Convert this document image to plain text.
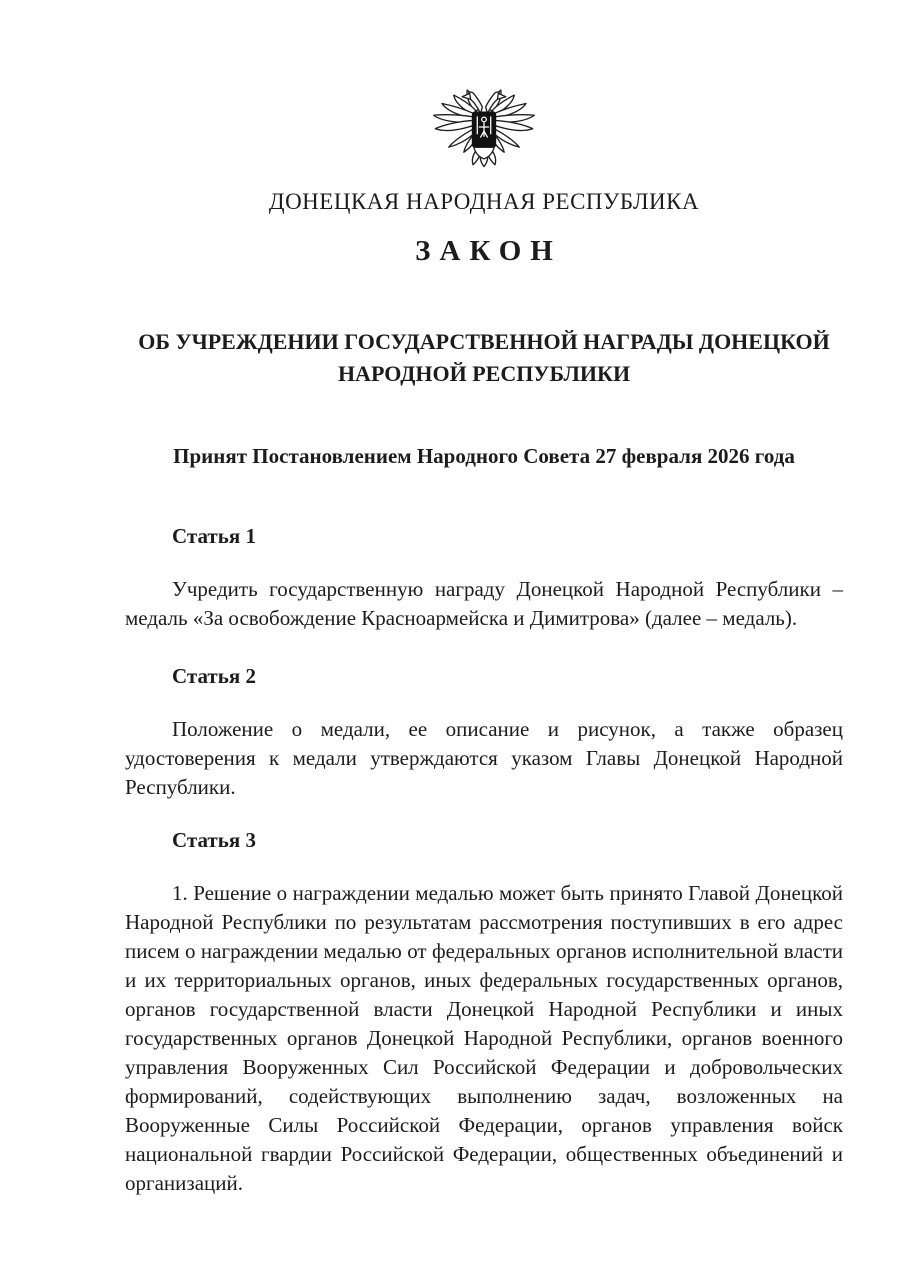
ДОНЕЦКАЯ НАРОДНАЯ РЕСПУБЛИКА
ЗАКОН
ОБ УЧРЕЖДЕНИИ ГОСУДАРСТВЕННОЙ НАГРАДЫ ДОНЕЦКОЙ НАРОДНОЙ РЕСПУБЛИКИ
Принят Постановлением Народного Совета 27 февраля 2026 года
Статья 1

Учредить государственную награду Донецкой Народной Республики – медаль «За освобождение Красноармейска и Димитрова» (далее – медаль).

Статья 2

Положение о медали, ее описание и рисунок, а также образец удостоверения к медали утверждаются указом Главы Донецкой Народной Республики.

Статья 3

1. Решение о награждении медалью может быть принято Главой Донецкой Народной Республики по результатам рассмотрения поступивших в его адрес писем о награждении медалью от федеральных органов исполнительной власти и их территориальных органов, иных федеральных государственных органов, органов государственной власти Донецкой Народной Республики и иных государственных органов Донецкой Народной Республики, органов военного управления Вооруженных Сил Российской Федерации и добровольческих формирований, содействующих выполнению задач, возложенных на Вооруженные Силы Российской Федерации, органов управления войск национальной гвардии Российской Федерации, общественных объединений и организаций.
